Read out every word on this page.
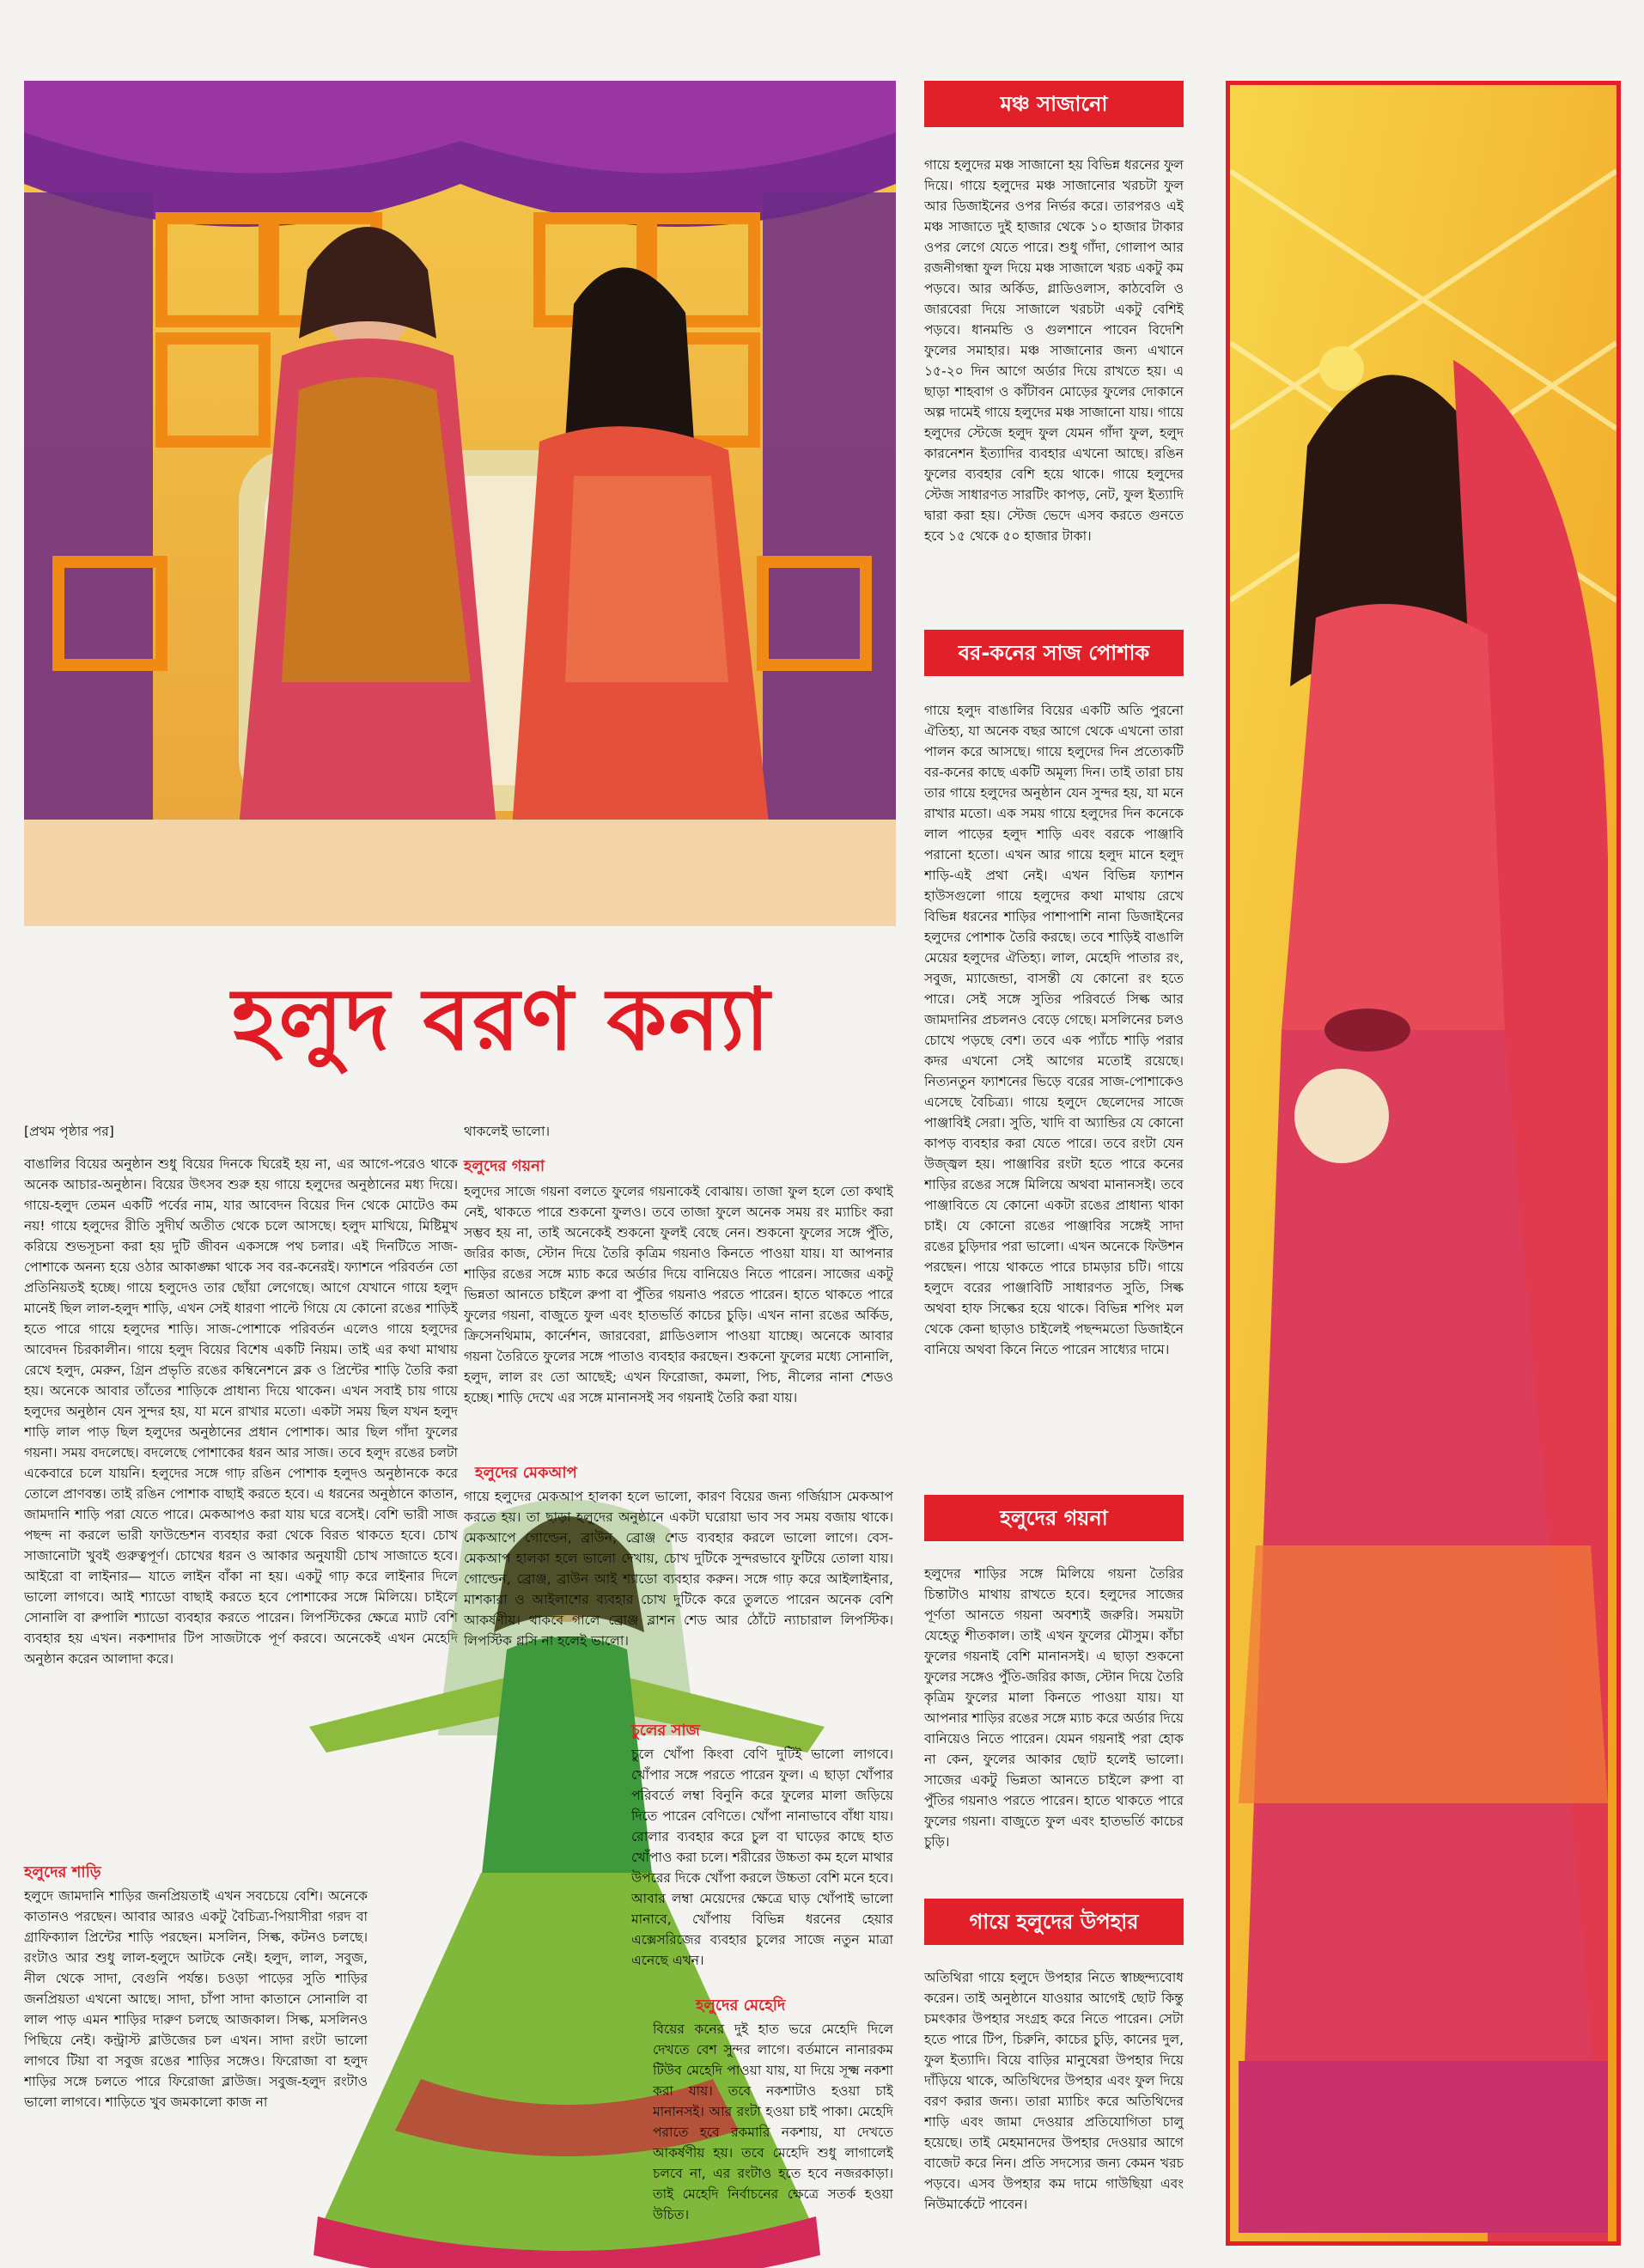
হলুদ বরণ কন্যা
[প্রথম পৃষ্ঠার পর]
বাঙালির বিয়ের অনুষ্ঠান শুধু বিয়ের দিনকে ঘিরেই হয় না, এর আগে-পরেও থাকে অনেক আচার-অনুষ্ঠান। বিয়ের উৎসব শুরু হয় গায়ে হলুদের অনুষ্ঠানের মধ্য দিয়ে। গায়ে-হলুদ তেমন একটি পর্বের নাম, যার আবেদন বিয়ের দিন থেকে মোটেও কম নয়! গায়ে হলুদের রীতি সুদীর্ঘ অতীত থেকে চলে আসছে। হলুদ মাখিয়ে, মিষ্টিমুখ করিয়ে শুভসূচনা করা হয় দুটি জীবন একসঙ্গে পথ চলার। এই দিনটিতে সাজ-পোশাকে অনন্য হয়ে ওঠার আকাঙ্ক্ষা থাকে সব বর-কনেরই। ফ্যাশনে পরিবর্তন তো প্রতিনিয়তই হচ্ছে। গায়ে হলুদেও তার ছোঁয়া লেগেছে। আগে যেখানে গায়ে হলুদ মানেই ছিল লাল-হলুদ শাড়ি, এখন সেই ধারণা পাল্টে গিয়ে যে কোনো রঙের শাড়িই হতে পারে গায়ে হলুদের শাড়ি। সাজ-পোশাকে পরিবর্তন এলেও গায়ে হলুদের আবেদন চিরকালীন। গায়ে হলুদ বিয়ের বিশেষ একটি নিয়ম। তাই এর কথা মাথায় রেখে হলুদ, মেরুন, গ্রিন প্রভৃতি রঙের কম্বিনেশনে ব্লক ও প্রিন্টের শাড়ি তৈরি করা হয়। অনেকে আবার তাঁতের শাড়িকে প্রাধান্য দিয়ে থাকেন। এখন সবাই চায় গায়ে হলুদের অনুষ্ঠান যেন সুন্দর হয়, যা মনে রাখার মতো। একটা সময় ছিল যখন হলুদ শাড়ি লাল পাড় ছিল হলুদের অনুষ্ঠানের প্রধান পোশাক। আর ছিল গাঁদা ফুলের গয়না। সময় বদলেছে। বদলেছে পোশাকের ধরন আর সাজ। তবে হলুদ রঙের চলটা একেবারে চলে যায়নি। হলুদের সঙ্গে গাঢ় রঙিন পোশাক হলুদও অনুষ্ঠানকে করে তোলে প্রাণবন্ত। তাই রঙিন পোশাক বাছাই করতে হবে। এ ধরনের অনুষ্ঠানে কাতান, জামদানি শাড়ি পরা যেতে পারে। মেকআপও করা যায় ঘরে বসেই। বেশি ভারী সাজ পছন্দ না করলে ভারী ফাউন্ডেশন ব্যবহার করা থেকে বিরত থাকতে হবে। চোখ সাজানোটা খুবই গুরুত্বপূর্ণ। চোখের ধরন ও আকার অনুযায়ী চোখ সাজাতে হবে। আইরো বা লাইনার— যাতে লাইন বাঁকা না হয়। একটু গাঢ় করে লাইনার দিলে ভালো লাগবে। আই শ্যাডো বাছাই করতে হবে পোশাকের সঙ্গে মিলিয়ে। চাইলে সোনালি বা রুপালি শ্যাডো ব্যবহার করতে পারেন। লিপস্টিকের ক্ষেত্রে ম্যাট বেশি ব্যবহার হয় এখন। নকশাদার টিপ সাজটাকে পূর্ণ করবে। অনেকেই এখন মেহেদি অনুষ্ঠান করেন আলাদা করে।
হলুদের শাড়ি
হলুদে জামদানি শাড়ির জনপ্রিয়তাই এখন সবচেয়ে বেশি। অনেকে কাতানও পরছেন। আবার আরও একটু বৈচিত্র্য-পিয়াসীরা গরদ বা গ্রাফিক্যাল প্রিন্টের শাড়ি পরছেন। মসলিন, সিল্ক, কটনও চলছে। রংটাও আর শুধু লাল-হলুদে আটকে নেই। হলুদ, লাল, সবুজ, নীল থেকে সাদা, বেগুনি পর্যন্ত। চওড়া পাড়ের সুতি শাড়ির জনপ্রিয়তা এখনো আছে। সাদা, চাঁপা সাদা কাতানে সোনালি বা লাল পাড় এমন শাড়ির দারুণ চলছে আজকাল। সিল্ক, মসলিনও পিছিয়ে নেই। কন্ট্রাস্ট ব্লাউজের চল এখন। সাদা রংটা ভালো লাগবে টিয়া বা সবুজ রঙের শাড়ির সঙ্গেও। ফিরোজা বা হলুদ শাড়ির সঙ্গে চলতে পারে ফিরোজা ব্লাউজ। সবুজ-হলুদ রংটাও ভালো লাগবে। শাড়িতে খুব জমকালো কাজ না
থাকলেই ভালো।
হলুদের গয়না
হলুদের সাজে গয়না বলতে ফুলের গয়নাকেই বোঝায়। তাজা ফুল হলে তো কথাই নেই, থাকতে পারে শুকনো ফুলও। তবে তাজা ফুলে অনেক সময় রং ম্যাচিং করা সম্ভব হয় না, তাই অনেকেই শুকনো ফুলই বেছে নেন। শুকনো ফুলের সঙ্গে পুঁতি, জরির কাজ, স্টোন দিয়ে তৈরি কৃত্রিম গয়নাও কিনতে পাওয়া যায়। যা আপনার শাড়ির রঙের সঙ্গে ম্যাচ করে অর্ডার দিয়ে বানিয়েও নিতে পারেন। সাজের একটু ভিন্নতা আনতে চাইলে রুপা বা পুঁতির গয়নাও পরতে পারেন। হাতে থাকতে পারে ফুলের গয়না, বাজুতে ফুল এবং হাতভর্তি কাচের চুড়ি। এখন নানা রঙের অর্কিড, ক্রিসেনথিমাম, কার্নেশন, জারবেরা, গ্লাডিওলাস পাওয়া যাচ্ছে। অনেকে আবার গয়না তৈরিতে ফুলের সঙ্গে পাতাও ব্যবহার করছেন। শুকনো ফুলের মধ্যে সোনালি, হলুদ, লাল রং তো আছেই; এখন ফিরোজা, কমলা, পিচ, নীলের নানা শেডও হচ্ছে। শাড়ি দেখে এর সঙ্গে মানানসই সব গয়নাই তৈরি করা যায়।
হলুদের মেকআপ
গায়ে হলুদের মেকআপ হালকা হলে ভালো, কারণ বিয়ের জন্য গর্জিয়াস মেকআপ করতে হয়। তা ছাড়া হলুদের অনুষ্ঠানে একটা ঘরোয়া ভাব সব সময় বজায় থাকে। মেকআপে গোল্ডেন, ব্রাউন, ব্রোঞ্জ শেড ব্যবহার করলে ভালো লাগে। বেস-মেকআপ হালকা হলে ভালো দেখায়, চোখ দুটিকে সুন্দরভাবে ফুটিয়ে তোলা যায়। গোল্ডেন, ব্রোঞ্জ, ব্রাউন আই শ্যাডো ব্যবহার করুন। সঙ্গে গাঢ় করে আইলাইনার, মাশকারা ও আইলাশের ব্যবহার চোখ দুটিকে করে তুলতে পারেন অনেক বেশি আকর্ষণীয়। থাকবে গালে ব্রোঞ্জ ব্লাশন শেড আর ঠোঁটে ন্যাচারাল লিপস্টিক। লিপস্টিক গ্লসি না হলেই ভালো।
চুলের সাজ
চুলে খোঁপা কিংবা বেণি দুটিই ভালো লাগবে। খোঁপার সঙ্গে পরতে পারেন ফুল। এ ছাড়া খোঁপার পরিবর্তে লম্বা বিনুনি করে ফুলের মালা জড়িয়ে দিতে পারেন বেণিতে। খোঁপা নানাভাবে বাঁধা যায়। রোলার ব্যবহার করে চুল বা ঘাড়ের কাছে হাত খোঁপাও করা চলে। শরীরের উচ্চতা কম হলে মাথার উপরের দিকে খোঁপা করলে উচ্চতা বেশি মনে হবে। আবার লম্বা মেয়েদের ক্ষেত্রে ঘাড় খোঁপাই ভালো মানাবে, খোঁপায় বিভিন্ন ধরনের হেয়ার এক্সেসরিজের ব্যবহার চুলের সাজে নতুন মাত্রা এনেছে এখন।
হলুদের মেহেদি
বিয়ের কনের দুই হাত ভরে মেহেদি দিলে দেখতে বেশ সুন্দর লাগে। বর্তমানে নানারকম টিউব মেহেদি পাওয়া যায়, যা দিয়ে সূক্ষ্ম নকশা করা যায়। তবে নকশাটাও হওয়া চাই মানানসই। আর রংটা হওয়া চাই পাকা। মেহেদি পরাতে হবে রকমারি নকশায়, যা দেখতে আকর্ষণীয় হয়। তবে মেহেদি শুধু লাগালেই চলবে না, এর রংটাও হতে হবে নজরকাড়া। তাই মেহেদি নির্বাচনের ক্ষেত্রে সতর্ক হওয়া উচিত।
মঞ্চ সাজানো
গায়ে হলুদের মঞ্চ সাজানো হয় বিভিন্ন ধরনের ফুল দিয়ে। গায়ে হলুদের মঞ্চ সাজানোর খরচটা ফুল আর ডিজাইনের ওপর নির্ভর করে। তারপরও এই মঞ্চ সাজাতে দুই হাজার থেকে ১০ হাজার টাকার ওপর লেগে যেতে পারে। শুধু গাঁদা, গোলাপ আর রজনীগন্ধা ফুল দিয়ে মঞ্চ সাজালে খরচ একটু কম পড়বে। আর অর্কিড, গ্লাডিওলাস, কাঠবেলি ও জারবেরা দিয়ে সাজালে খরচটা একটু বেশিই পড়বে। ধানমন্ডি ও গুলশানে পাবেন বিদেশি ফুলের সমাহার। মঞ্চ সাজানোর জন্য এখানে ১৫-২০ দিন আগে অর্ডার দিয়ে রাখতে হয়। এ ছাড়া শাহবাগ ও কাঁটাবন মোড়ের ফুলের দোকানে অল্প দামেই গায়ে হলুদের মঞ্চ সাজানো যায়। গায়ে হলুদের স্টেজে হলুদ ফুল যেমন গাঁদা ফুল, হলুদ কারনেশন ইত্যাদির ব্যবহার এখনো আছে। রঙিন ফুলের ব্যবহার বেশি হয়ে থাকে। গায়ে হলুদের স্টেজ সাধারণত সারটিং কাপড়, নেট, ফুল ইত্যাদি দ্বারা করা হয়। স্টেজ ভেদে এসব করতে গুনতে হবে ১৫ থেকে ৫০ হাজার টাকা।
বর-কনের সাজ পোশাক
গায়ে হলুদ বাঙালির বিয়ের একটি অতি পুরনো ঐতিহ্য, যা অনেক বছর আগে থেকে এখনো তারা পালন করে আসছে। গায়ে হলুদের দিন প্রত্যেকটি বর-কনের কাছে একটি অমূল্য দিন। তাই তারা চায় তার গায়ে হলুদের অনুষ্ঠান যেন সুন্দর হয়, যা মনে রাখার মতো। এক সময় গায়ে হলুদের দিন কনেকে লাল পাড়ের হলুদ শাড়ি এবং বরকে পাঞ্জাবি পরানো হতো। এখন আর গায়ে হলুদ মানে হলুদ শাড়ি-এই প্রথা নেই। এখন বিভিন্ন ফ্যাশন হাউসগুলো গায়ে হলুদের কথা মাথায় রেখে বিভিন্ন ধরনের শাড়ির পাশাপাশি নানা ডিজাইনের হলুদের পোশাক তৈরি করছে। তবে শাড়িই বাঙালি মেয়ের হলুদের ঐতিহ্য। লাল, মেহেদি পাতার রং, সবুজ, ম্যাজেন্ডা, বাসন্তী যে কোনো রং হতে পারে। সেই সঙ্গে সুতির পরিবর্তে সিল্ক আর জামদানির প্রচলনও বেড়ে গেছে। মসলিনের চলও চোখে পড়ছে বেশ। তবে এক প্যাঁচে শাড়ি পরার কদর এখনো সেই আগের মতোই রয়েছে। নিত্যনতুন ফ্যাশনের ভিড়ে বরের সাজ-পোশাকেও এসেছে বৈচিত্র্য। গায়ে হলুদে ছেলেদের সাজে পাঞ্জাবিই সেরা। সুতি, খাদি বা অ্যান্ডির যে কোনো কাপড় ব্যবহার করা যেতে পারে। তবে রংটা যেন উজ্জ্বল হয়। পাঞ্জাবির রংটা হতে পারে কনের শাড়ির রঙের সঙ্গে মিলিয়ে অথবা মানানসই। তবে পাঞ্জাবিতে যে কোনো একটা রঙের প্রাধান্য থাকা চাই। যে কোনো রঙের পাঞ্জাবির সঙ্গেই সাদা রঙের চুড়িদার পরা ভালো। এখন অনেকে ফিউশন পরছেন। পায়ে থাকতে পারে চামড়ার চটি। গায়ে হলুদে বরের পাঞ্জাবিটি সাধারণত সুতি, সিল্ক অথবা হাফ সিল্কের হয়ে থাকে। বিভিন্ন শপিং মল থেকে কেনা ছাড়াও চাইলেই পছন্দমতো ডিজাইনে বানিয়ে অথবা কিনে নিতে পারেন সাধ্যের দামে।
হলুদের গয়না
হলুদের শাড়ির সঙ্গে মিলিয়ে গয়না তৈরির চিন্তাটাও মাথায় রাখতে হবে। হলুদের সাজের পূর্ণতা আনতে গয়না অবশ্যই জরুরি। সময়টা যেহেতু শীতকাল। তাই এখন ফুলের মৌসুম। কাঁচা ফুলের গয়নাই বেশি মানানসই। এ ছাড়া শুকনো ফুলের সঙ্গেও পুঁতি-জরির কাজ, স্টোন দিয়ে তৈরি কৃত্রিম ফুলের মালা কিনতে পাওয়া যায়। যা আপনার শাড়ির রঙের সঙ্গে ম্যাচ করে অর্ডার দিয়ে বানিয়েও নিতে পারেন। যেমন গয়নাই পরা হোক না কেন, ফুলের আকার ছোট হলেই ভালো। সাজের একটু ভিন্নতা আনতে চাইলে রুপা বা পুঁতির গয়নাও পরতে পারেন। হাতে থাকতে পারে ফুলের গয়না। বাজুতে ফুল এবং হাতভর্তি কাচের চুড়ি।
গায়ে হলুদের উপহার
অতিথিরা গায়ে হলুদে উপহার নিতে স্বাচ্ছন্দ্যবোধ করেন। তাই অনুষ্ঠানে যাওয়ার আগেই ছোট কিন্তু চমৎকার উপহার সংগ্রহ করে নিতে পারেন। সেটা হতে পারে টিপ, চিরুনি, কাচের চুড়ি, কানের দুল, ফুল ইত্যাদি। বিয়ে বাড়ির মানুষেরা উপহার দিয়ে দাঁড়িয়ে থাকে, অতিথিদের উপহার এবং ফুল দিয়ে বরণ করার জন্য। তারা ম্যাচিং করে অতিথিদের শাড়ি এবং জামা দেওয়ার প্রতিযোগিতা চালু হয়েছে। তাই মেহমানদের উপহার দেওয়ার আগে বাজেট করে নিন। প্রতি সদস্যের জন্য কেমন খরচ পড়বে। এসব উপহার কম দামে গাউছিয়া এবং নিউমার্কেটে পাবেন।
